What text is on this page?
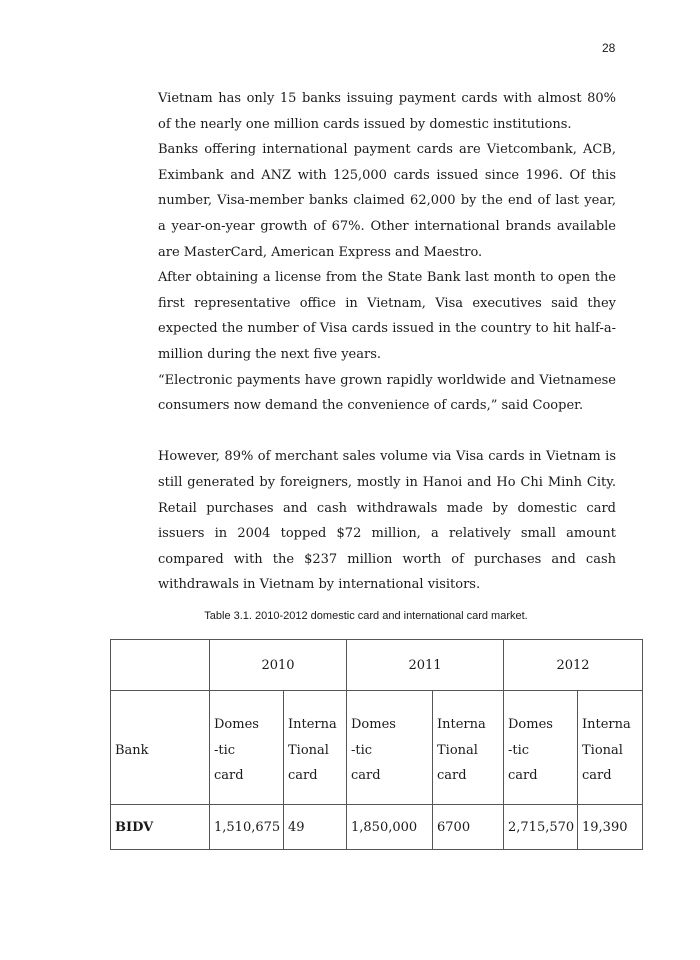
28

Vietnam has only 15 banks issuing payment cards with almost 80% of the nearly one million cards issued by domestic institutions.

Banks offering international payment cards are Vietcombank, ACB, Eximbank and ANZ with 125,000 cards issued since 1996. Of this number, Visa-member banks claimed 62,000 by the end of last year, a year-on-year growth of 67%. Other international brands available are MasterCard, American Express and Maestro.

After obtaining a license from the State Bank last month to open the first representative office in Vietnam, Visa executives said they expected the number of Visa cards issued in the country to hit half-a-million during the next five years.

“Electronic payments have grown rapidly worldwide and Vietnamese consumers now demand the convenience of cards,” said Cooper.

However, 89% of merchant sales volume via Visa cards in Vietnam is still generated by foreigners, mostly in Hanoi and Ho Chi Minh City. Retail purchases and cash withdrawals made by domestic card issuers in 2004 topped $72 million, a relatively small amount compared with the $237 million worth of purchases and cash withdrawals in Vietnam by international visitors.

Table 3.1. 2010-2012 domestic card and international card market.
	2010		2011		2012	
Bank	Domes
-tic
card	Interna
Tional
card	Domes
-tic
card	Interna
Tional
card	Domes
-tic
card	Interna
Tional
card

BIDV	1,510,675	49	1,850,000	6700	2,715,570	19,390
